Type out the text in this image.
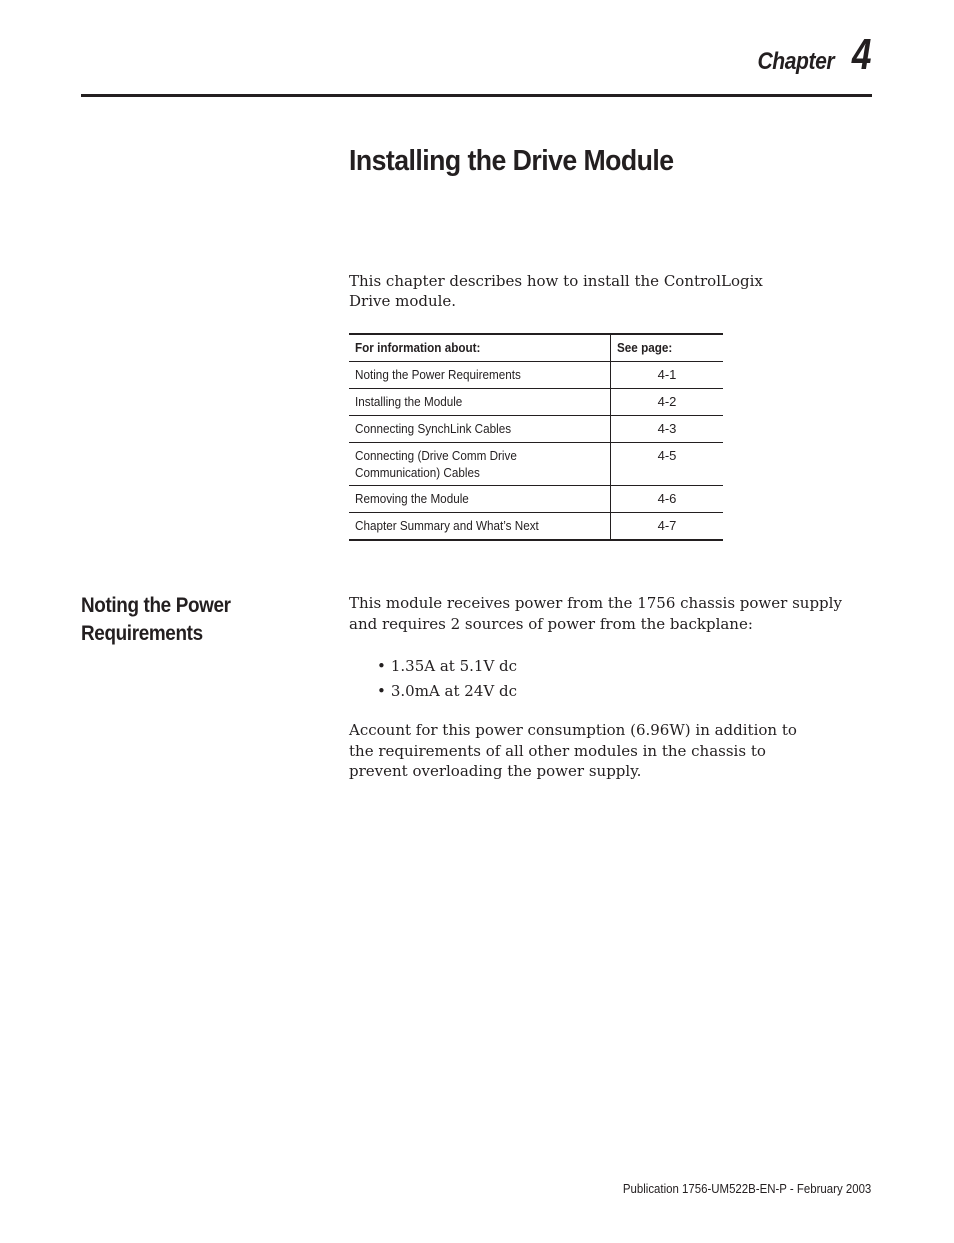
Chapter 4
Installing the Drive Module

This chapter describes how to install the ControlLogix Drive module.

For information about:	See page:
Noting the Power Requirements	4-1
Installing the Module	4-2
Connecting SynchLink Cables	4-3

Connecting (Drive Comm Drive Communication) Cables	4-5
Removing the Module	4-6
Chapter Summary and What’s Next	4-7
Noting the Power
Requirements

This module receives power from the 1756 chassis power supply and requires 2 sources of power from the backplane:

• 1.35A at 5.1V dc
• 3.0mA at 24V dc

Account for this power consumption (6.96W) in addition to the requirements of all other modules in the chassis to prevent overloading the power supply.

Publication 1756-UM522B-EN-P - February 2003
